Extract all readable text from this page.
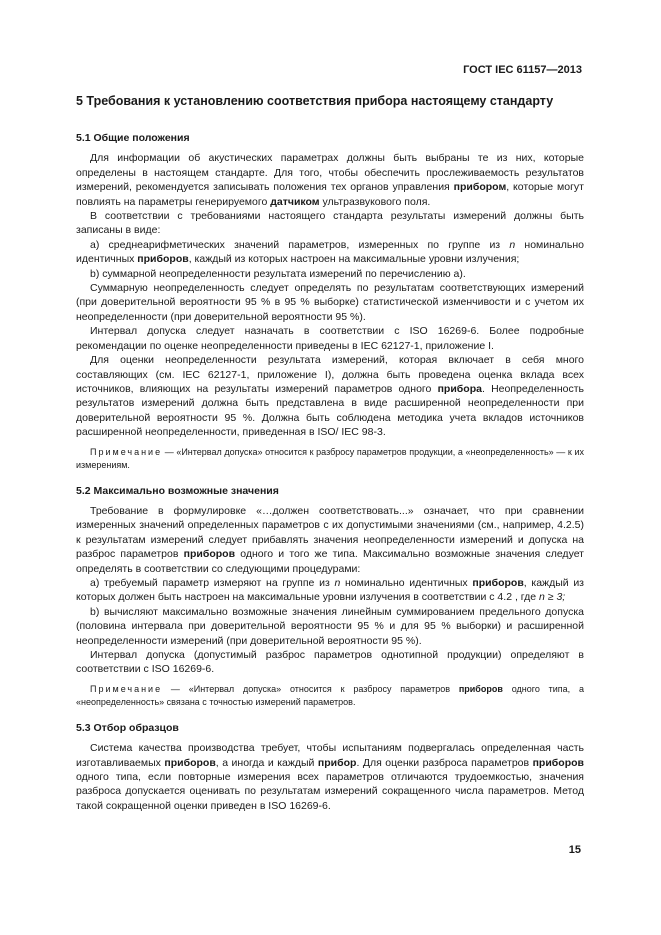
ГОСТ IEC 61157—2013
5 Требования к установлению соответствия прибора настоящему стандарту
5.1 Общие положения

Для информации об акустических параметрах должны быть выбраны те из них, которые определены в настоящем стандарте. Для того, чтобы обеспечить прослеживаемость результатов измерений, рекомендуется записывать положения тех органов управления прибором, которые могут повлиять на параметры генерируемого датчиком ультразвукового поля.

В соответствии с требованиями настоящего стандарта результаты измерений должны быть записаны в виде:

а) среднеарифметических значений параметров, измеренных по группе из n номинально идентичных приборов, каждый из которых настроен на максимальные уровни излучения;

b) суммарной неопределенности результата измерений по перечислению а).

Суммарную неопределенность следует определять по результатам соответствующих измерений (при доверительной вероятности 95 % в 95 % выборке) статистической изменчивости и с учетом их неопределенности (при доверительной вероятности 95 %).

Интервал допуска следует назначать в соответствии с ISO 16269-6. Более подробные рекомендации по оценке неопределенности приведены в IEC 62127-1, приложение I.

Для оценки неопределенности результата измерений, которая включает в себя много составляющих (см. IEC 62127-1, приложение I), должна быть проведена оценка вклада всех источников, влияющих на результаты измерений параметров одного прибора. Неопределенность результатов измерений должна быть представлена в виде расширенной неопределенности при доверительной вероятности 95 %. Должна быть соблюдена методика учета вкладов источников расширенной неопределенности, приведенная в ISO/ IEC 98-3.

Примечание — «Интервал допуска» относится к разбросу параметров продукции, а «неопределенность» — к их измерениям.

5.2 Максимально возможные значения

Требование в формулировке «…должен соответствовать...» означает, что при сравнении измеренных значений определенных параметров с их допустимыми значениями (см., например, 4.2.5) к результатам измерений следует прибавлять значения неопределенности измерений и допуска на разброс параметров приборов одного и того же типа. Максимально возможные значения следует определять в соответствии со следующими процедурами:

а) требуемый параметр измеряют на группе из n номинально идентичных приборов, каждый из которых должен быть настроен на максимальные уровни излучения в соответствии с 4.2 , где n ≥ 3;

b) вычисляют максимально возможные значения линейным суммированием предельного допуска (половина интервала при доверительной вероятности 95 % и для 95 % выборки) и расширенной неопределенности измерений (при доверительной вероятности 95 %).

Интервал допуска (допустимый разброс параметров однотипной продукции) определяют в соответствии с ISO 16269-6.

Примечание — «Интервал допуска» относится к разбросу параметров приборов одного типа, а «неопределенность» связана с точностью измерений параметров.

5.3 Отбор образцов

Система качества производства требует, чтобы испытаниям подвергалась определенная часть изготавливаемых приборов, а иногда и каждый прибор. Для оценки разброса параметров приборов одного типа, если повторные измерения всех параметров отличаются трудоемкостью, значения разброса допускается оценивать по результатам измерений сокращенного числа параметров. Метод такой сокращенной оценки приведен в ISO 16269-6.

15
